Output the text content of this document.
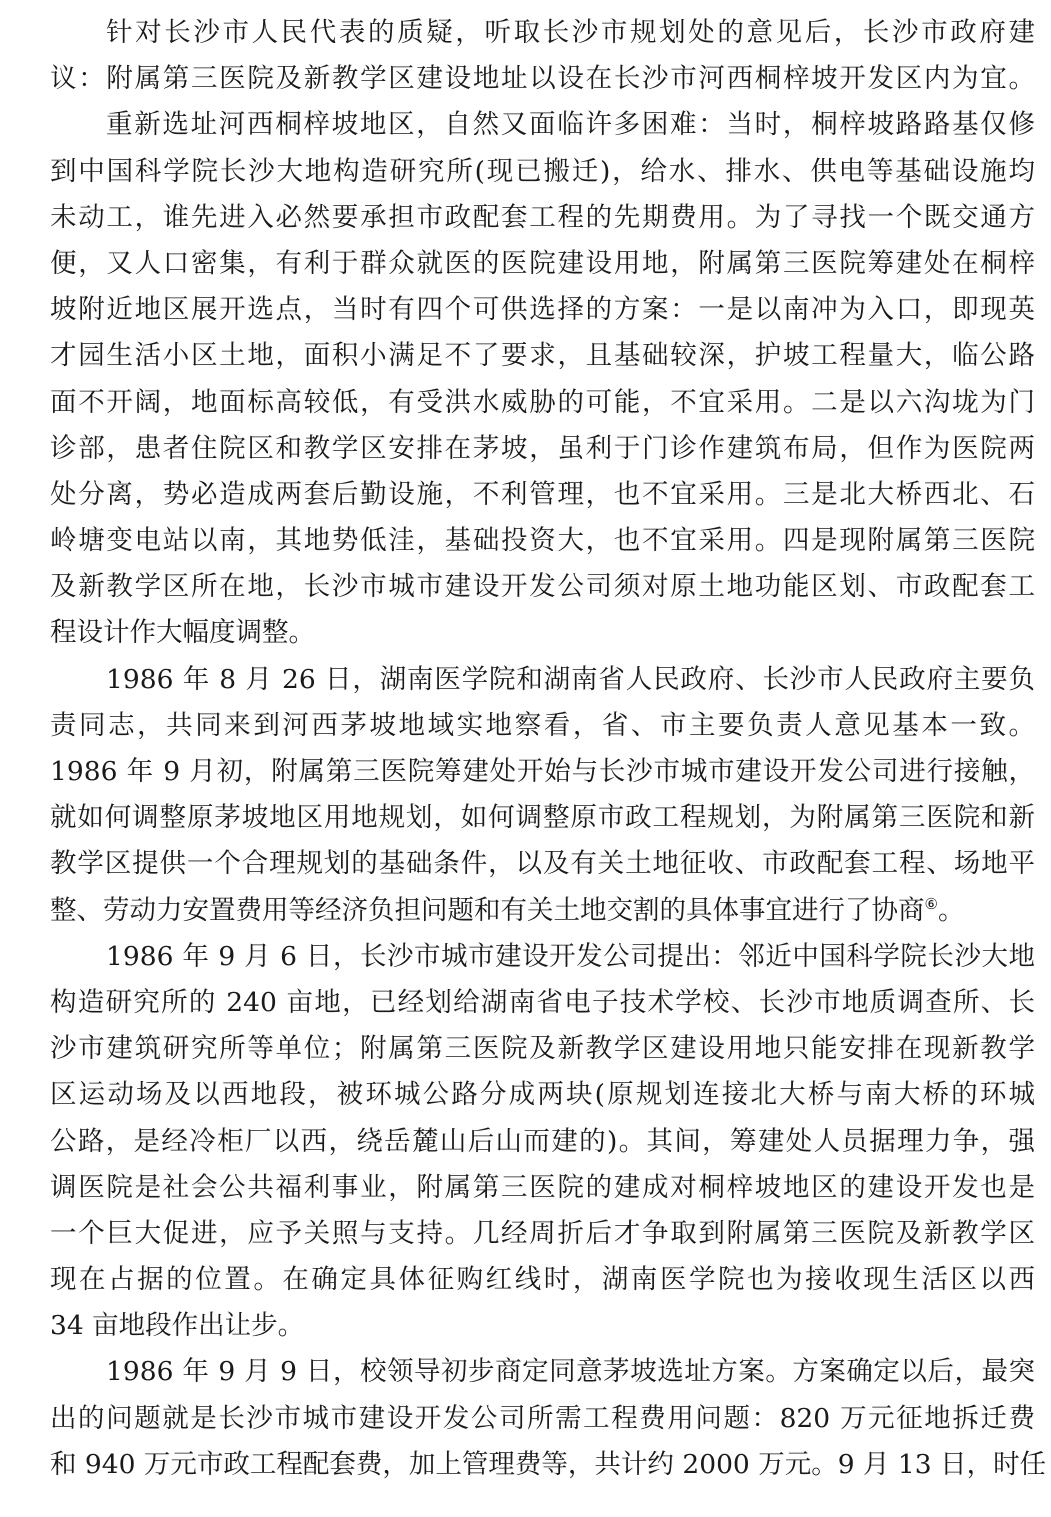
针对长沙市人民代表的质疑，听取长沙市规划处的意见后，长沙市政府建
议：附属第三医院及新教学区建设地址以设在长沙市河西桐梓坡开发区内为宜。
重新选址河西桐梓坡地区，自然又面临许多困难：当时，桐梓坡路路基仅修
到中国科学院长沙大地构造研究所(现已搬迁)，给水、排水、供电等基础设施均
未动工，谁先进入必然要承担市政配套工程的先期费用。为了寻找一个既交通方
便，又人口密集，有利于群众就医的医院建设用地，附属第三医院筹建处在桐梓
坡附近地区展开选点，当时有四个可供选择的方案：一是以南冲为入口，即现英
才园生活小区土地，面积小满足不了要求，且基础较深，护坡工程量大，临公路
面不开阔，地面标高较低，有受洪水威胁的可能，不宜采用。二是以六沟垅为门
诊部，患者住院区和教学区安排在茅坡，虽利于门诊作建筑布局，但作为医院两
处分离，势必造成两套后勤设施，不利管理，也不宜采用。三是北大桥西北、石
岭塘变电站以南，其地势低洼，基础投资大，也不宜采用。四是现附属第三医院
及新教学区所在地，长沙市城市建设开发公司须对原土地功能区划、市政配套工
程设计作大幅度调整。
1986 年 8 月 26 日，湖南医学院和湖南省人民政府、长沙市人民政府主要负
责同志，共同来到河西茅坡地域实地察看，省、市主要负责人意见基本一致。
1986 年 9 月初，附属第三医院筹建处开始与长沙市城市建设开发公司进行接触，
就如何调整原茅坡地区用地规划，如何调整原市政工程规划，为附属第三医院和新
教学区提供一个合理规划的基础条件，以及有关土地征收、市政配套工程、场地平
整、劳动力安置费用等经济负担问题和有关土地交割的具体事宜进行了协商⑥。
1986 年 9 月 6 日，长沙市城市建设开发公司提出：邻近中国科学院长沙大地
构造研究所的 240 亩地，已经划给湖南省电子技术学校、长沙市地质调查所、长
沙市建筑研究所等单位；附属第三医院及新教学区建设用地只能安排在现新教学
区运动场及以西地段，被环城公路分成两块(原规划连接北大桥与南大桥的环城
公路，是经冷柜厂以西，绕岳麓山后山而建的)。其间，筹建处人员据理力争，强
调医院是社会公共福利事业，附属第三医院的建成对桐梓坡地区的建设开发也是
一个巨大促进，应予关照与支持。几经周折后才争取到附属第三医院及新教学区
现在占据的位置。在确定具体征购红线时，湖南医学院也为接收现生活区以西
34 亩地段作出让步。
1986 年 9 月 9 日，校领导初步商定同意茅坡选址方案。方案确定以后，最突
出的问题就是长沙市城市建设开发公司所需工程费用问题：820 万元征地拆迁费
和 940 万元市政工程配套费，加上管理费等，共计约 2000 万元。9 月 13 日，时任
